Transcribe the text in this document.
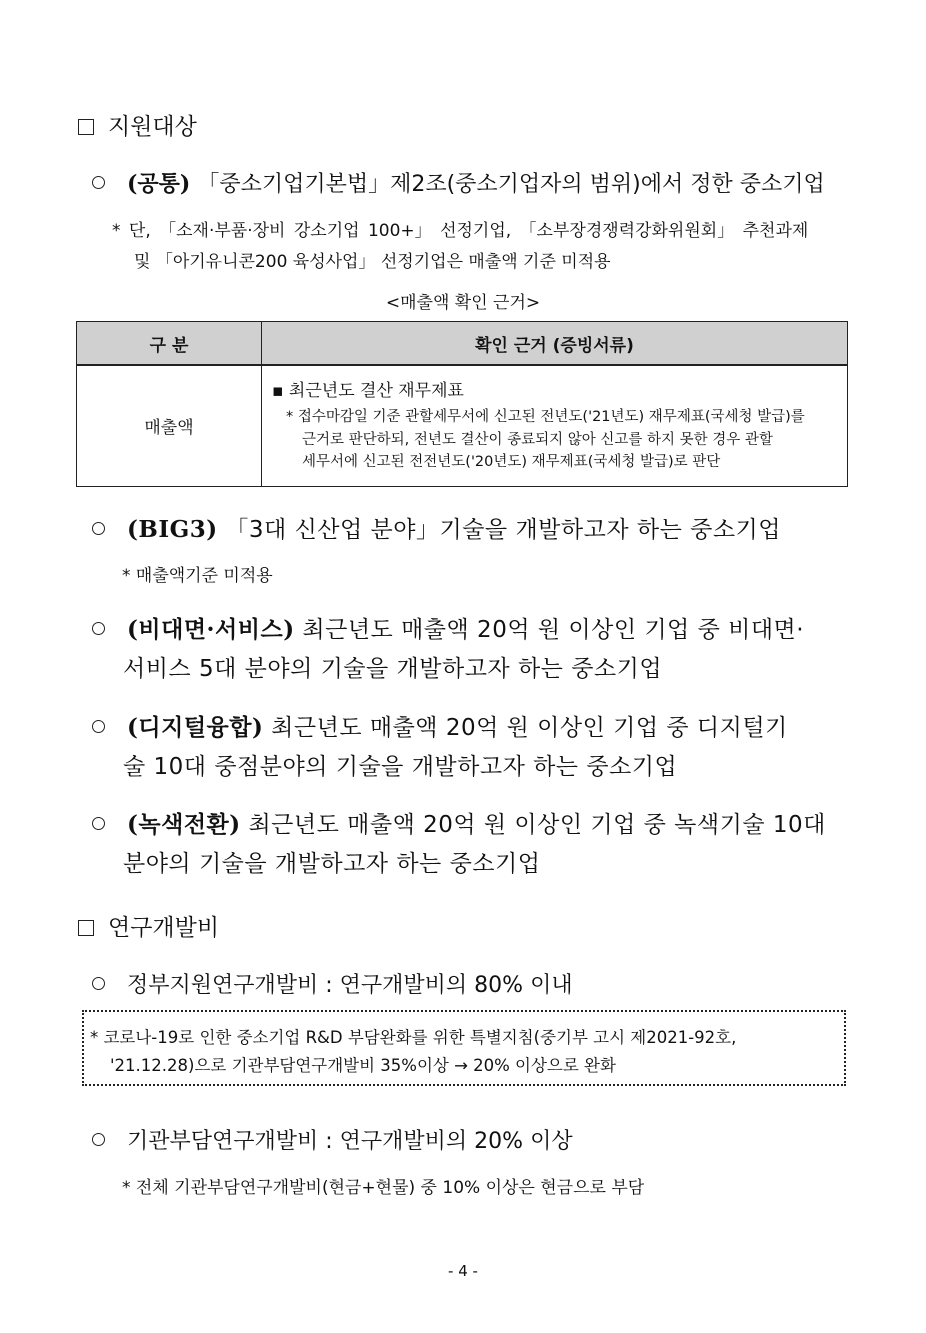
지원대상
(공통) 「중소기업기본법」제2조(중소기업자의 범위)에서 정한 중소기업
* 단, 「소재·부품·장비 강소기업 100+」 선정기업, 「소부장경쟁력강화위원회」 추천과제
및 「아기유니콘200 육성사업」 선정기업은 매출액 기준 미적용
<매출액 확인 근거>
구 분	확인 근거 (증빙서류)
매출액	▪ 최근년도 결산 재무제표
* 접수마감일 기준 관할세무서에 신고된 전년도('21년도) 재무제표(국세청 발급)를
근거로 판단하되, 전년도 결산이 종료되지 않아 신고를 하지 못한 경우 관할
세무서에 신고된 전전년도('20년도) 재무제표(국세청 발급)로 판단
(BIG3) 「3대 신산업 분야」기술을 개발하고자 하는 중소기업
* 매출액기준 미적용
(비대면·서비스) 최근년도 매출액 20억 원 이상인 기업 중 비대면·
서비스 5대 분야의 기술을 개발하고자 하는 중소기업
(디지털융합) 최근년도 매출액 20억 원 이상인 기업 중 디지털기
술 10대 중점분야의 기술을 개발하고자 하는 중소기업
(녹색전환) 최근년도 매출액 20억 원 이상인 기업 중 녹색기술 10대
분야의 기술을 개발하고자 하는 중소기업
연구개발비
정부지원연구개발비 : 연구개발비의 80% 이내
* 코로나-19로 인한 중소기업 R&D 부담완화를 위한 특별지침(중기부 고시 제2021-92호,
'21.12.28)으로 기관부담연구개발비 35%이상 → 20% 이상으로 완화
기관부담연구개발비 : 연구개발비의 20% 이상
* 전체 기관부담연구개발비(현금+현물) 중 10% 이상은 현금으로 부담
- 4 -
